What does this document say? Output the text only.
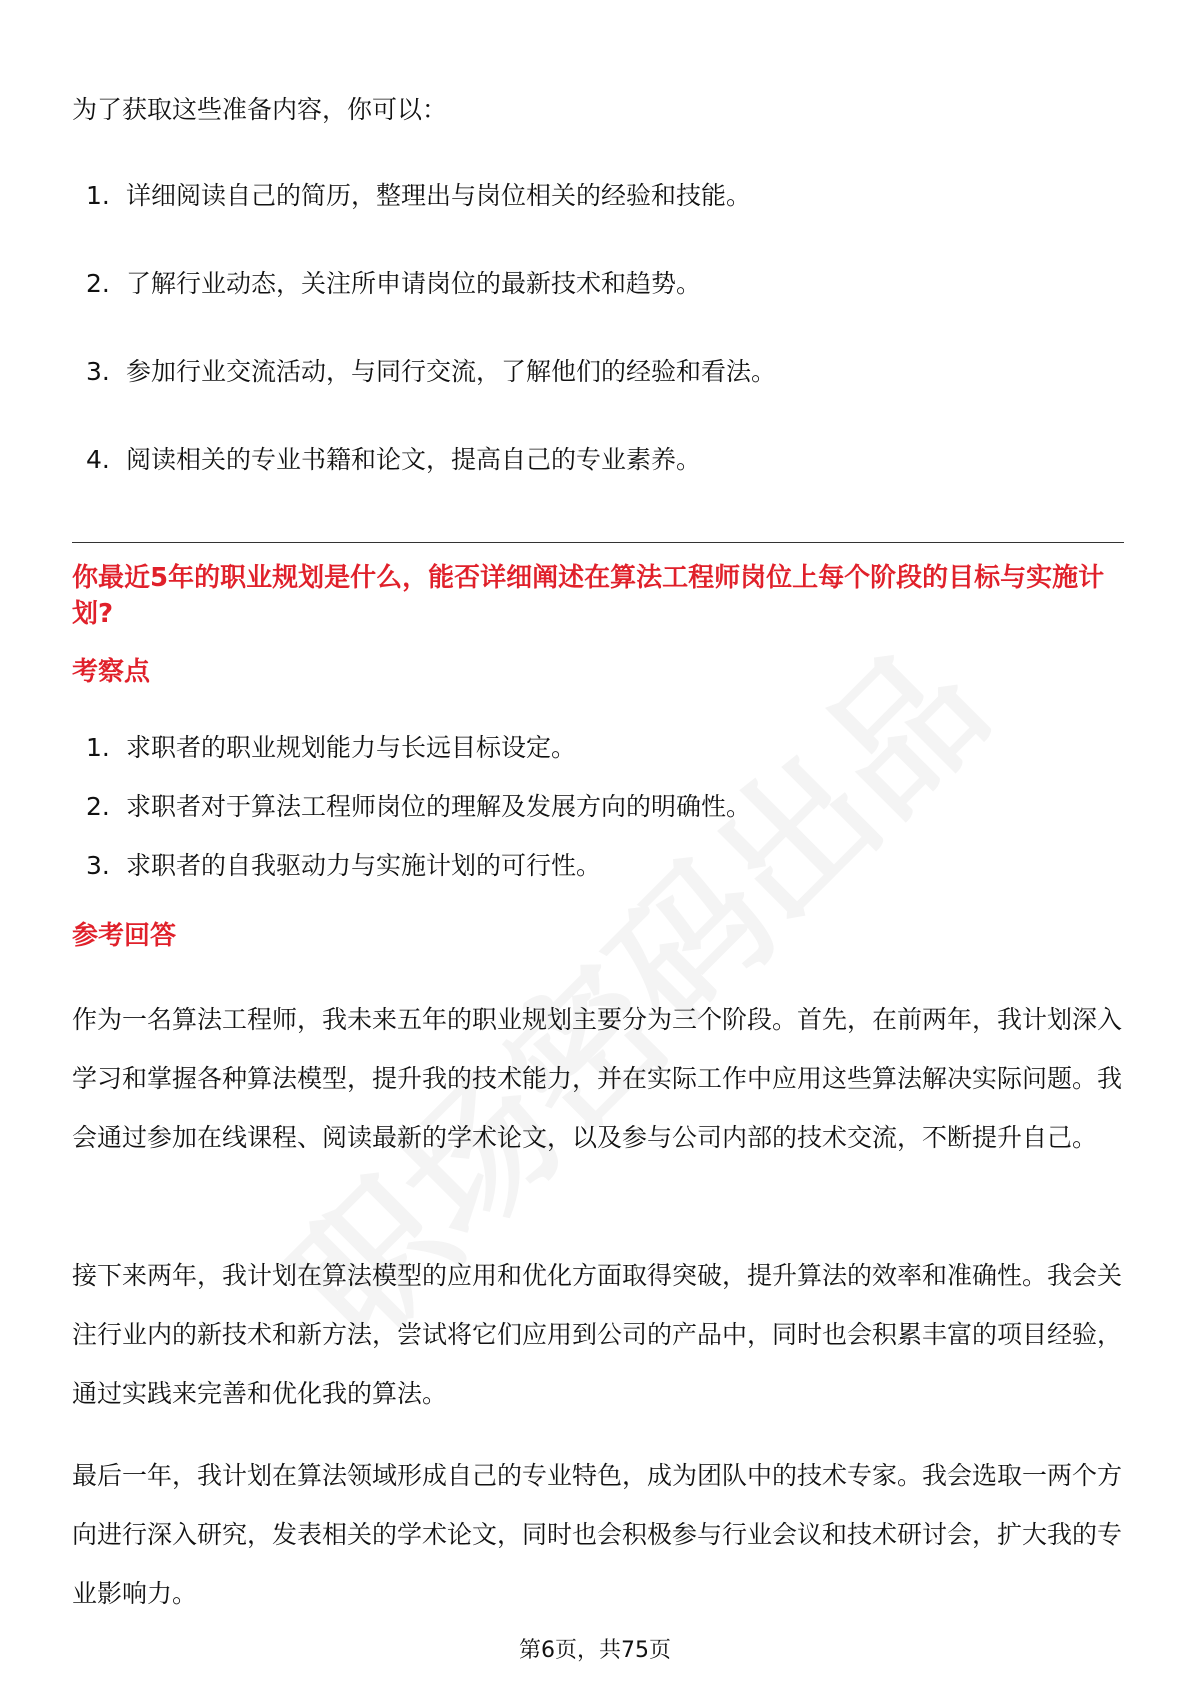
为了获取这些准备内容，你可以：

1. 详细阅读自己的简历，整理出与岗位相关的经验和技能。
2. 了解行业动态，关注所申请岗位的最新技术和趋势。
3. 参加行业交流活动，与同行交流，了解他们的经验和看法。
4. 阅读相关的专业书籍和论文，提高自己的专业素养。
你最近5年的职业规划是什么，能否详细阐述在算法工程师岗位上每个阶段的目标与实施计划?
考察点
1. 求职者的职业规划能力与长远目标设定。
2. 求职者对于算法工程师岗位的理解及发展方向的明确性。
3. 求职者的自我驱动力与实施计划的可行性。
参考回答

作为一名算法工程师，我未来五年的职业规划主要分为三个阶段。首先，在前两年，我计划深入学习和掌握各种算法模型，提升我的技术能力，并在实际工作中应用这些算法解决实际问题。我会通过参加在线课程、阅读最新的学术论文，以及参与公司内部的技术交流，不断提升自己。

接下来两年，我计划在算法模型的应用和优化方面取得突破，提升算法的效率和准确性。我会关注行业内的新技术和新方法，尝试将它们应用到公司的产品中，同时也会积累丰富的项目经验，通过实践来完善和优化我的算法。

最后一年，我计划在算法领域形成自己的专业特色，成为团队中的技术专家。我会选取一两个方向进行深入研究，发表相关的学术论文，同时也会积极参与行业会议和技术研讨会，扩大我的专业影响力。

第6页，共75页
